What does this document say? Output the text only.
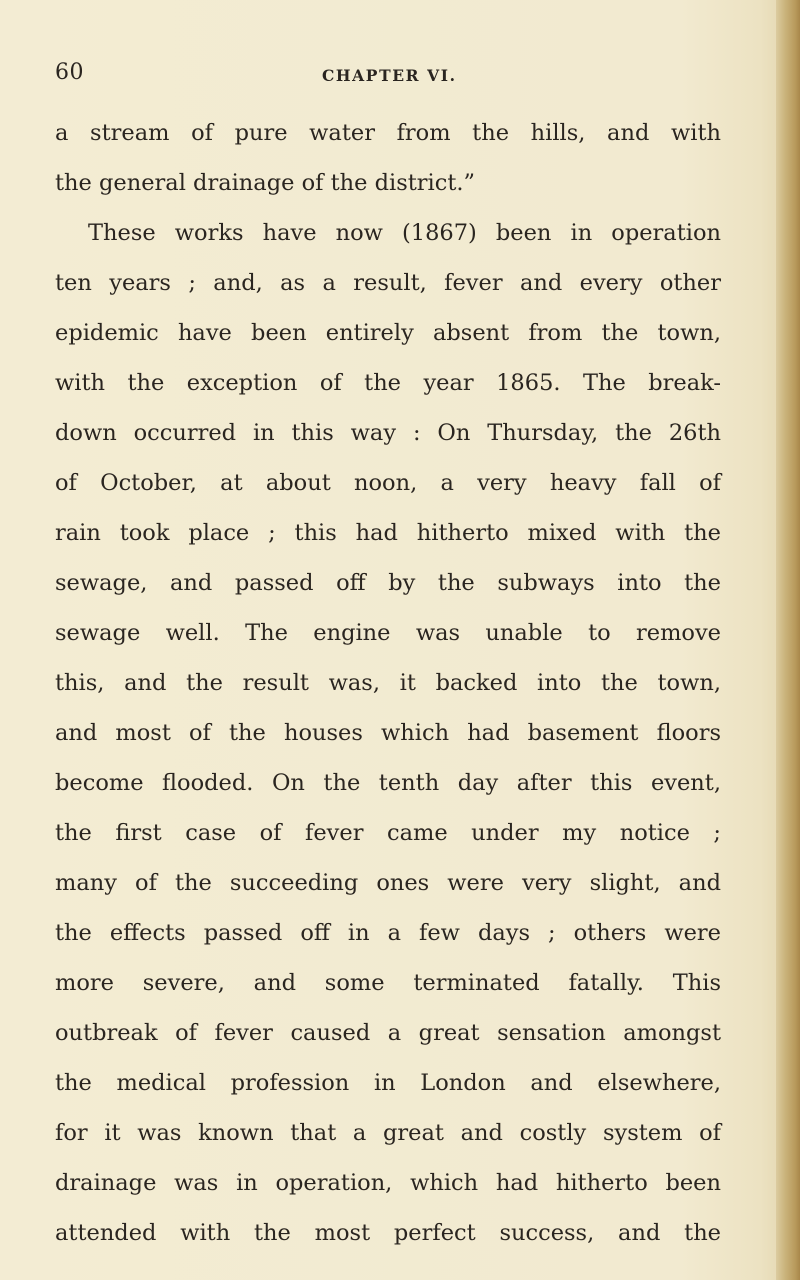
60	CHAPTER VI.
a stream of pure water from the hills, and with
the general drainage of the district.”
These works have now (1867) been in operation
ten years ; and, as a result, fever and every other
epidemic have been entirely absent from the town,
with the exception of the year 1865. The break-
down occurred in this way : On Thursday, the 26th
of October, at about noon, a very heavy fall of
rain took place ; this had hitherto mixed with the
sewage, and passed off by the subways into the
sewage well. The engine was unable to remove
this, and the result was, it backed into the town,
and most of the houses which had basement floors
become flooded. On the tenth day after this event,
the first case of fever came under my notice ;
many of the succeeding ones were very slight, and
the effects passed off in a few days ; others were
more severe, and some terminated fatally. This
outbreak of fever caused a great sensation amongst
the medical profession in London and elsewhere,
for it was known that a great and costly system of
drainage was in operation, which had hitherto been
attended with the most perfect success, and the
